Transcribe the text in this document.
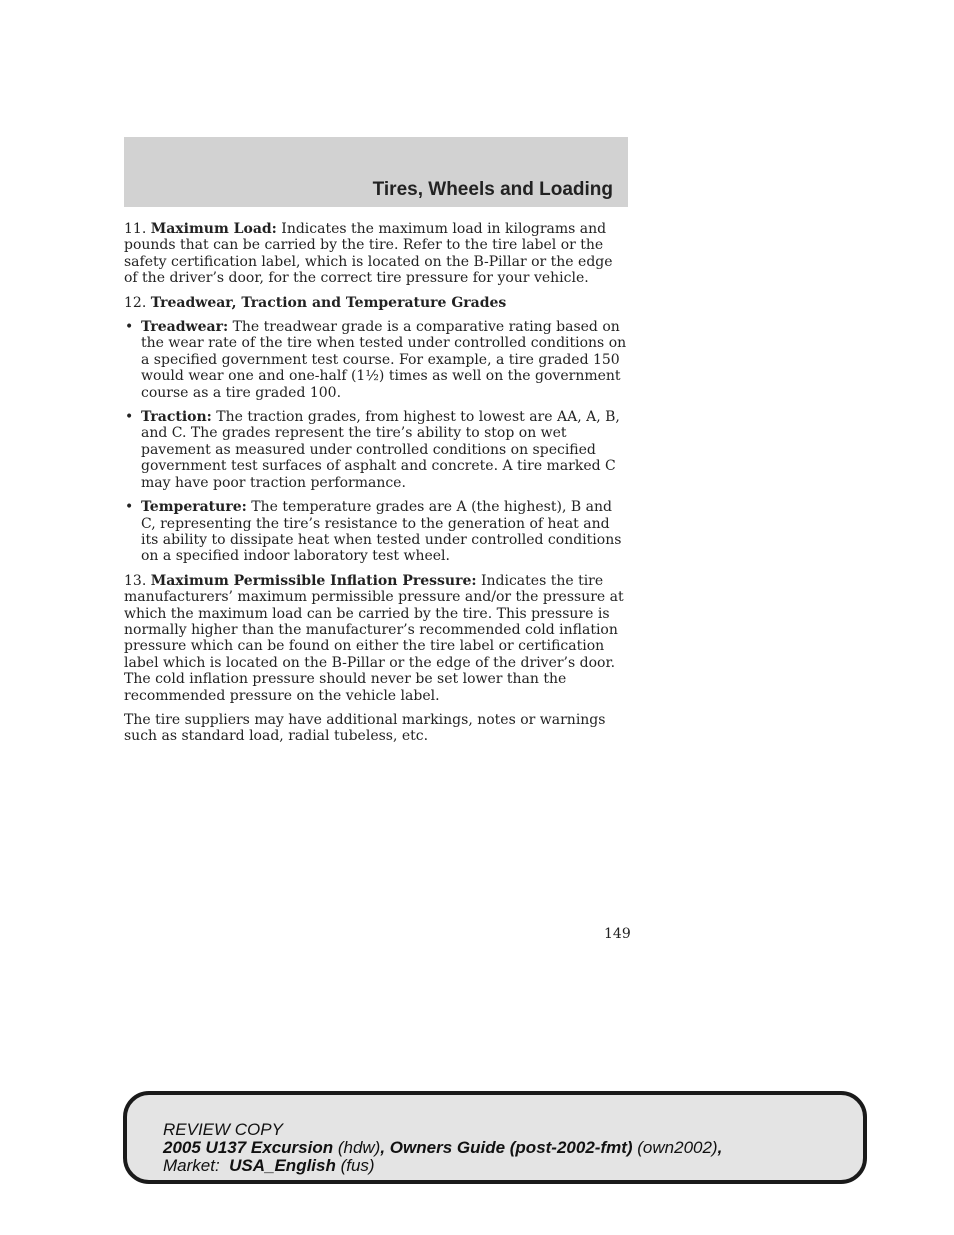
Tires, Wheels and Loading

11. Maximum Load: Indicates the maximum load in kilograms and pounds that can be carried by the tire. Refer to the tire label or the safety certification label, which is located on the B-Pillar or the edge of the driver’s door, for the correct tire pressure for your vehicle.

12. Treadwear, Traction and Temperature Grades

• Treadwear: The treadwear grade is a comparative rating based on the wear rate of the tire when tested under controlled conditions on a specified government test course. For example, a tire graded 150 would wear one and one-half (1½) times as well on the government course as a tire graded 100.
• Traction: The traction grades, from highest to lowest are AA, A, B, and C. The grades represent the tire’s ability to stop on wet pavement as measured under controlled conditions on specified government test surfaces of asphalt and concrete. A tire marked C may have poor traction performance.
• Temperature: The temperature grades are A (the highest), B and C, representing the tire’s resistance to the generation of heat and its ability to dissipate heat when tested under controlled conditions on a specified indoor laboratory test wheel.

13. Maximum Permissible Inflation Pressure: Indicates the tire manufacturers’ maximum permissible pressure and/or the pressure at which the maximum load can be carried by the tire. This pressure is normally higher than the manufacturer’s recommended cold inflation pressure which can be found on either the tire label or certification label which is located on the B-Pillar or the edge of the driver’s door. The cold inflation pressure should never be set lower than the recommended pressure on the vehicle label.

The tire suppliers may have additional markings, notes or warnings such as standard load, radial tubeless, etc.

149
REVIEW COPY
2005 U137 Excursion (hdw), Owners Guide (post-2002-fmt) (own2002),
Market:  USA_English (fus)
